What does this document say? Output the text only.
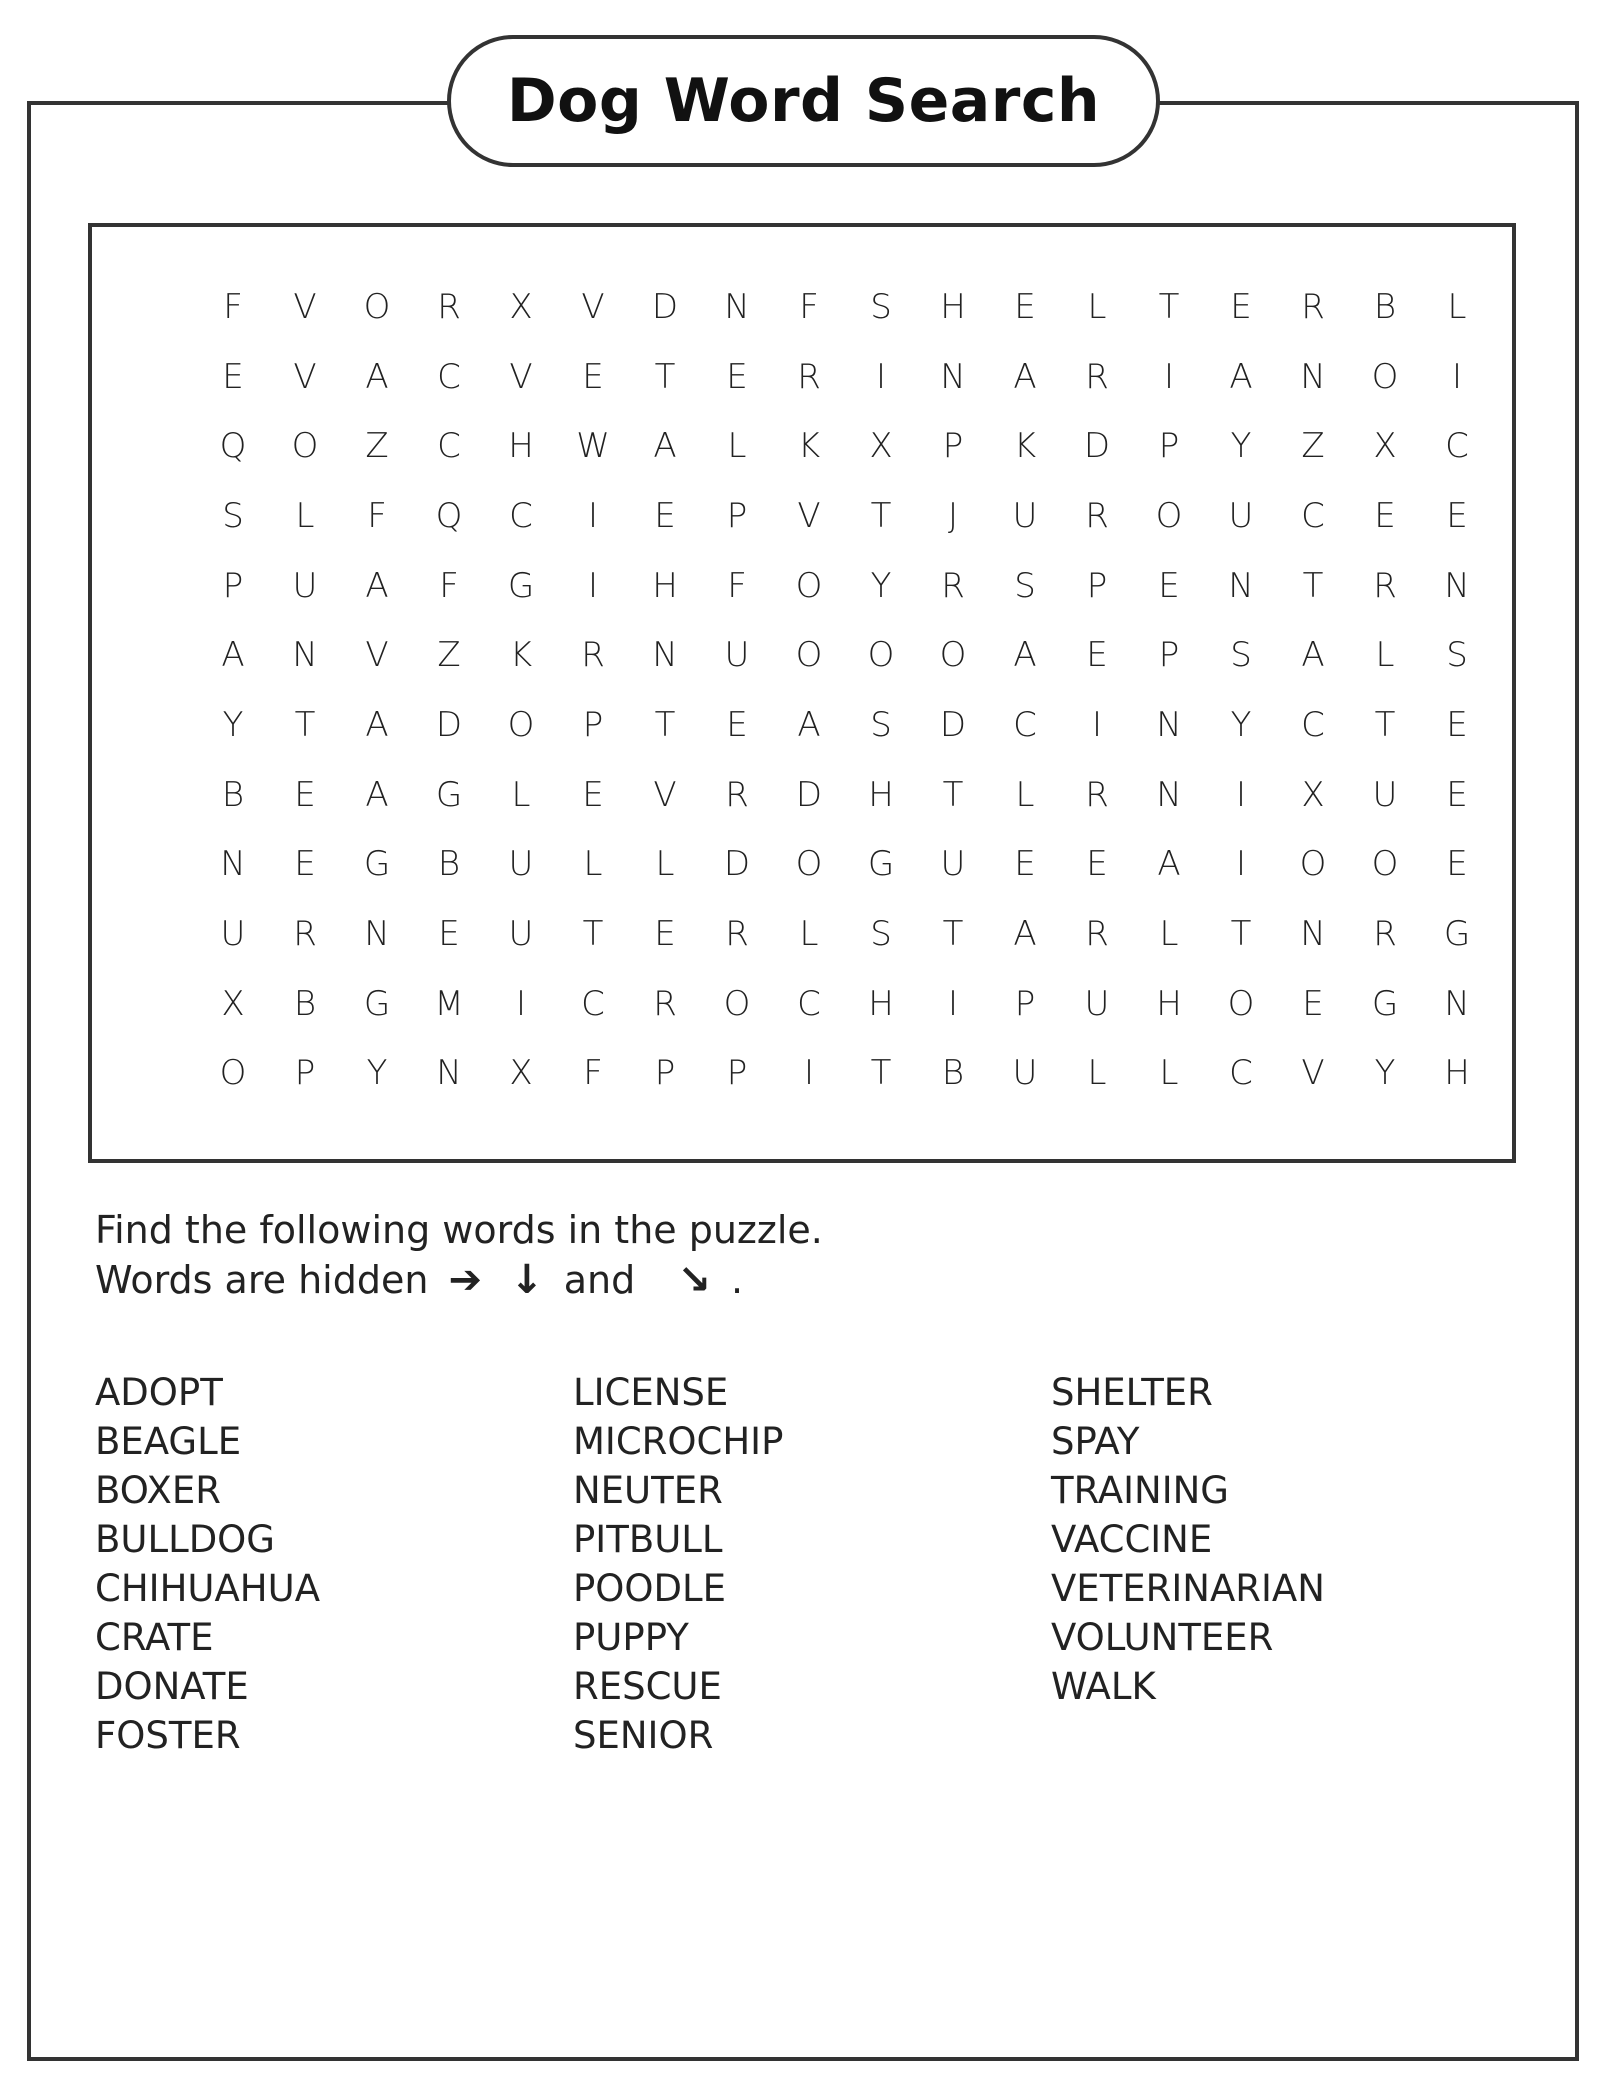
Dog Word Search
F	V	O	R	X	V	D	N	F	S	H	E	L	T	E	R	B	L
E	V	A	C	V	E	T	E	R	I	N	A	R	I	A	N	O	I
Q	O	Z	C	H	W	A	L	K	X	P	K	D	P	Y	Z	X	C
S	L	F	Q	C	I	E	P	V	T	J	U	R	O	U	C	E	E
P	U	A	F	G	I	H	F	O	Y	R	S	P	E	N	T	R	N
A	N	V	Z	K	R	N	U	O	O	O	A	E	P	S	A	L	S
Y	T	A	D	O	P	T	E	A	S	D	C	I	N	Y	C	T	E
B	E	A	G	L	E	V	R	D	H	T	L	R	N	I	X	U	E
N	E	G	B	U	L	L	D	O	G	U	E	E	A	I	O	O	E
U	R	N	E	U	T	E	R	L	S	T	A	R	L	T	N	R	G
X	B	G	M	I	C	R	O	C	H	I	P	U	H	O	E	G	N
O	P	Y	N	X	F	P	P	I	T	B	U	L	L	C	V	Y	H
Find the following words in the puzzle.
Words are hidden ➔ ↓ and ↘ .
ADOPT
BEAGLE
BOXER
BULLDOG
CHIHUAHUA
CRATE
DONATE
FOSTER
LICENSE
MICROCHIP
NEUTER
PITBULL
POODLE
PUPPY
RESCUE
SENIOR
SHELTER
SPAY
TRAINING
VACCINE
VETERINARIAN
VOLUNTEER
WALK
